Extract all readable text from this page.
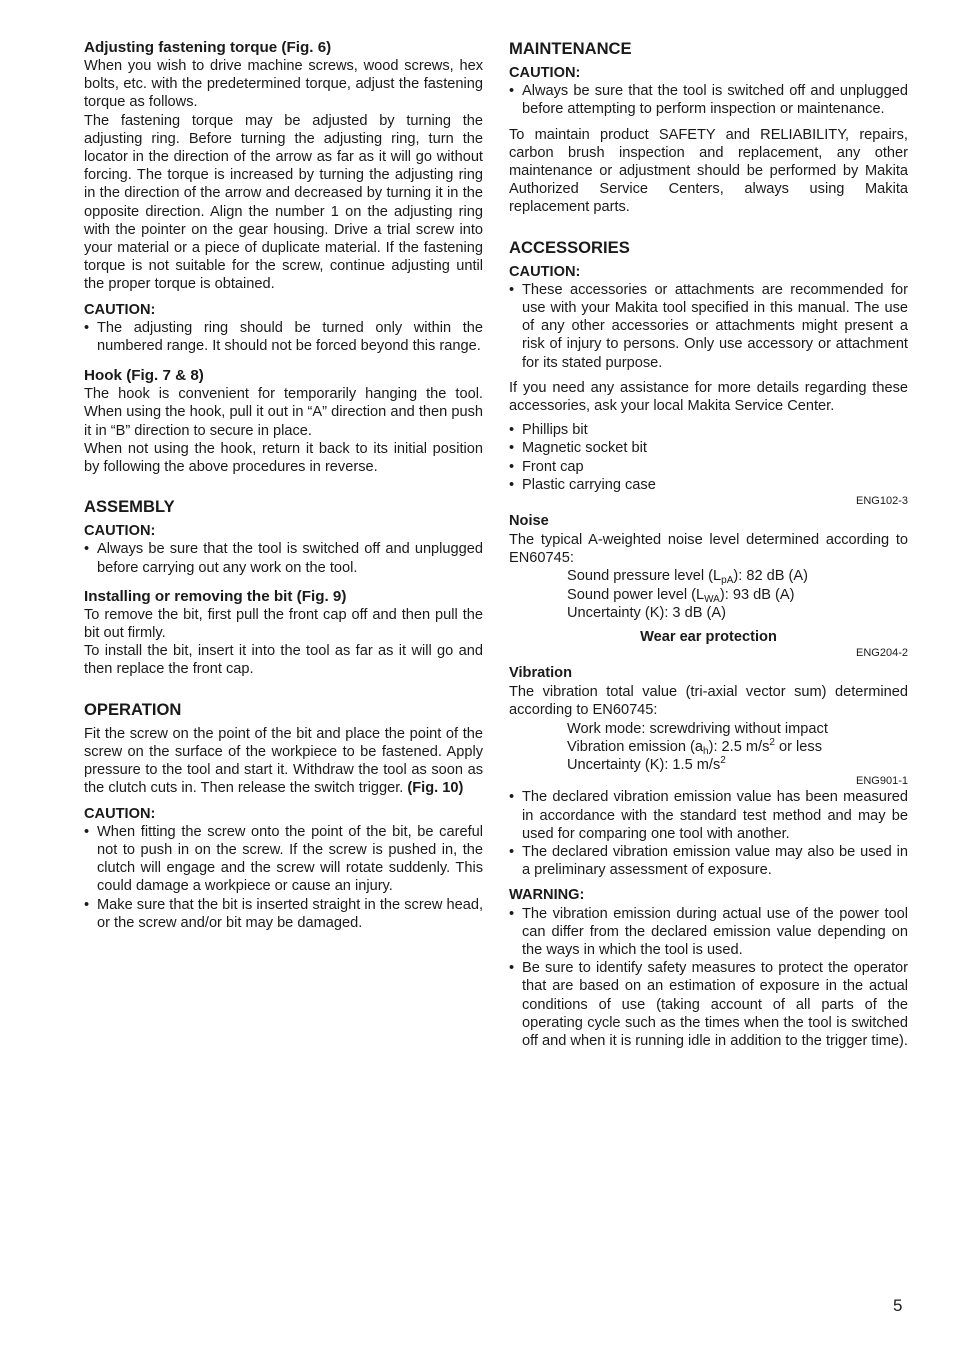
Adjusting fastening torque (Fig. 6)

When you wish to drive machine screws, wood screws, hex bolts, etc. with the predetermined torque, adjust the fastening torque as follows.

The fastening torque may be adjusted by turning the adjusting ring. Before turning the adjusting ring, turn the locator in the direction of the arrow as far as it will go without forcing. The torque is increased by turning the adjusting ring in the direction of the arrow and decreased by turning it in the opposite direction. Align the number 1 on the adjusting ring with the pointer on the gear housing. Drive a trial screw into your material or a piece of duplicate material. If the fastening torque is not suitable for the screw, continue adjusting until the proper torque is obtained.

CAUTION:

• The adjusting ring should be turned only within the numbered range. It should not be forced beyond this range.
Hook (Fig. 7 & 8)

The hook is convenient for temporarily hanging the tool. When using the hook, pull it out in “A” direction and then push it in “B” direction to secure in place.

When not using the hook, return it back to its initial position by following the above procedures in reverse.

ASSEMBLY

CAUTION:

• Always be sure that the tool is switched off and unplugged before carrying out any work on the tool.
Installing or removing the bit (Fig. 9)

To remove the bit, first pull the front cap off and then pull the bit out firmly.

To install the bit, insert it into the tool as far as it will go and then replace the front cap.

OPERATION

Fit the screw on the point of the bit and place the point of the screw on the surface of the workpiece to be fastened. Apply pressure to the tool and start it. Withdraw the tool as soon as the clutch cuts in. Then release the switch trigger. (Fig. 10)

CAUTION:

• When fitting the screw onto the point of the bit, be careful not to push in on the screw. If the screw is pushed in, the clutch will engage and the screw will rotate suddenly. This could damage a workpiece or cause an injury.
• Make sure that the bit is inserted straight in the screw head, or the screw and/or bit may be damaged.
MAINTENANCE

CAUTION:

• Always be sure that the tool is switched off and unplugged before attempting to perform inspection or maintenance.

To maintain product SAFETY and RELIABILITY, repairs, carbon brush inspection and replacement, any other maintenance or adjustment should be performed by Makita Authorized Service Centers, always using Makita replacement parts.

ACCESSORIES

CAUTION:

• These accessories or attachments are recommended for use with your Makita tool specified in this manual. The use of any other accessories or attachments might present a risk of injury to persons. Only use accessory or attachment for its stated purpose.

If you need any assistance for more details regarding these accessories, ask your local Makita Service Center.

• Phillips bit
• Magnetic socket bit
• Front cap
• Plastic carrying case

ENG102-3

Noise

The typical A-weighted noise level determined according to EN60745:

Sound pressure level $(L_{pA})$: 82 dB (A)

Sound power level $(L_{WA})$: 93 dB (A)

Uncertainty (K): 3 dB (A)

Wear ear protection

ENG204-2

Vibration

The vibration total value (tri-axial vector sum) determined according to EN60745:

Work mode: screwdriving without impact

Vibration emission $(a_h)$: 2.5 $m/s^2$ or less

Uncertainty (K): 1.5 $m/s^2$

ENG901-1

• The declared vibration emission value has been measured in accordance with the standard test method and may be used for comparing one tool with another.
• The declared vibration emission value may also be used in a preliminary assessment of exposure.

WARNING:

• The vibration emission during actual use of the power tool can differ from the declared emission value depending on the ways in which the tool is used.
• Be sure to identify safety measures to protect the operator that are based on an estimation of exposure in the actual conditions of use (taking account of all parts of the operating cycle such as the times when the tool is switched off and when it is running idle in addition to the trigger time).
5
